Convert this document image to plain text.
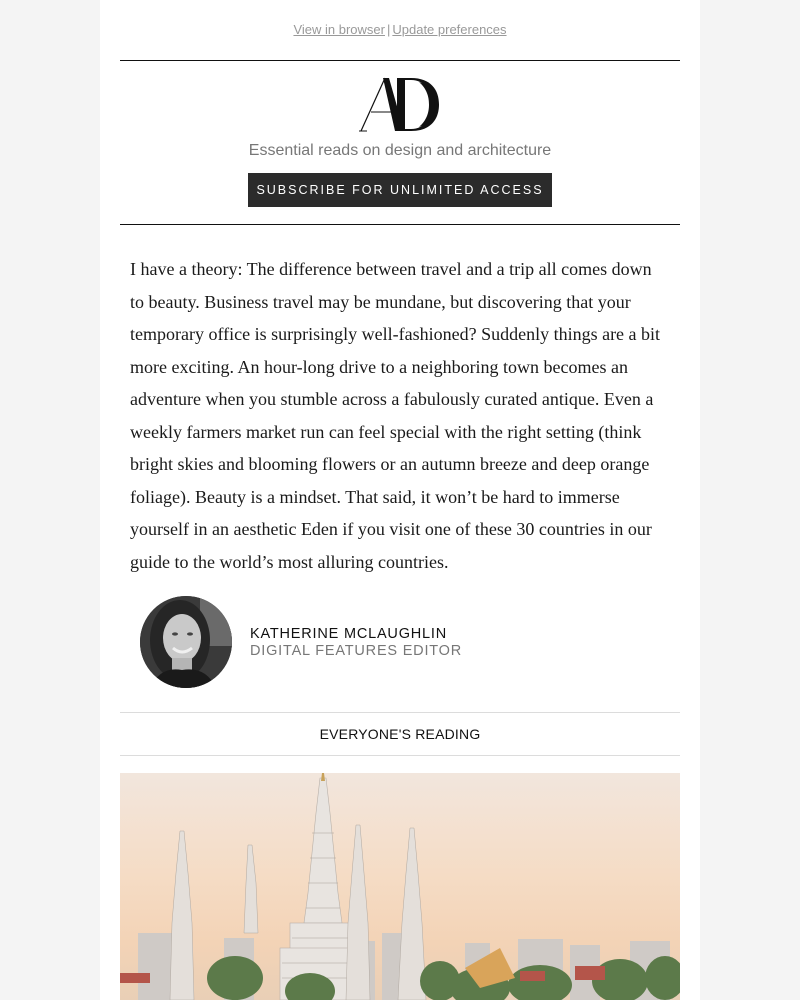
View in browser | Update preferences
Essential reads on design and architecture
SUBSCRIBE FOR UNLIMITED ACCESS
I have a theory: The difference between travel and a trip all comes down to beauty. Business travel may be mundane, but discovering that your temporary office is surprisingly well-fashioned? Suddenly things are a bit more exciting. An hour-long drive to a neighboring town becomes an adventure when you stumble across a fabulously curated antique. Even a weekly farmers market run can feel special with the right setting (think bright skies and blooming flowers or an autumn breeze and deep orange foliage). Beauty is a mindset. That said, it won’t be hard to immerse yourself in an aesthetic Eden if you visit one of these 30 countries in our guide to the world’s most alluring countries.
KATHERINE MCLAUGHLIN
DIGITAL FEATURES EDITOR
EVERYONE'S READING
